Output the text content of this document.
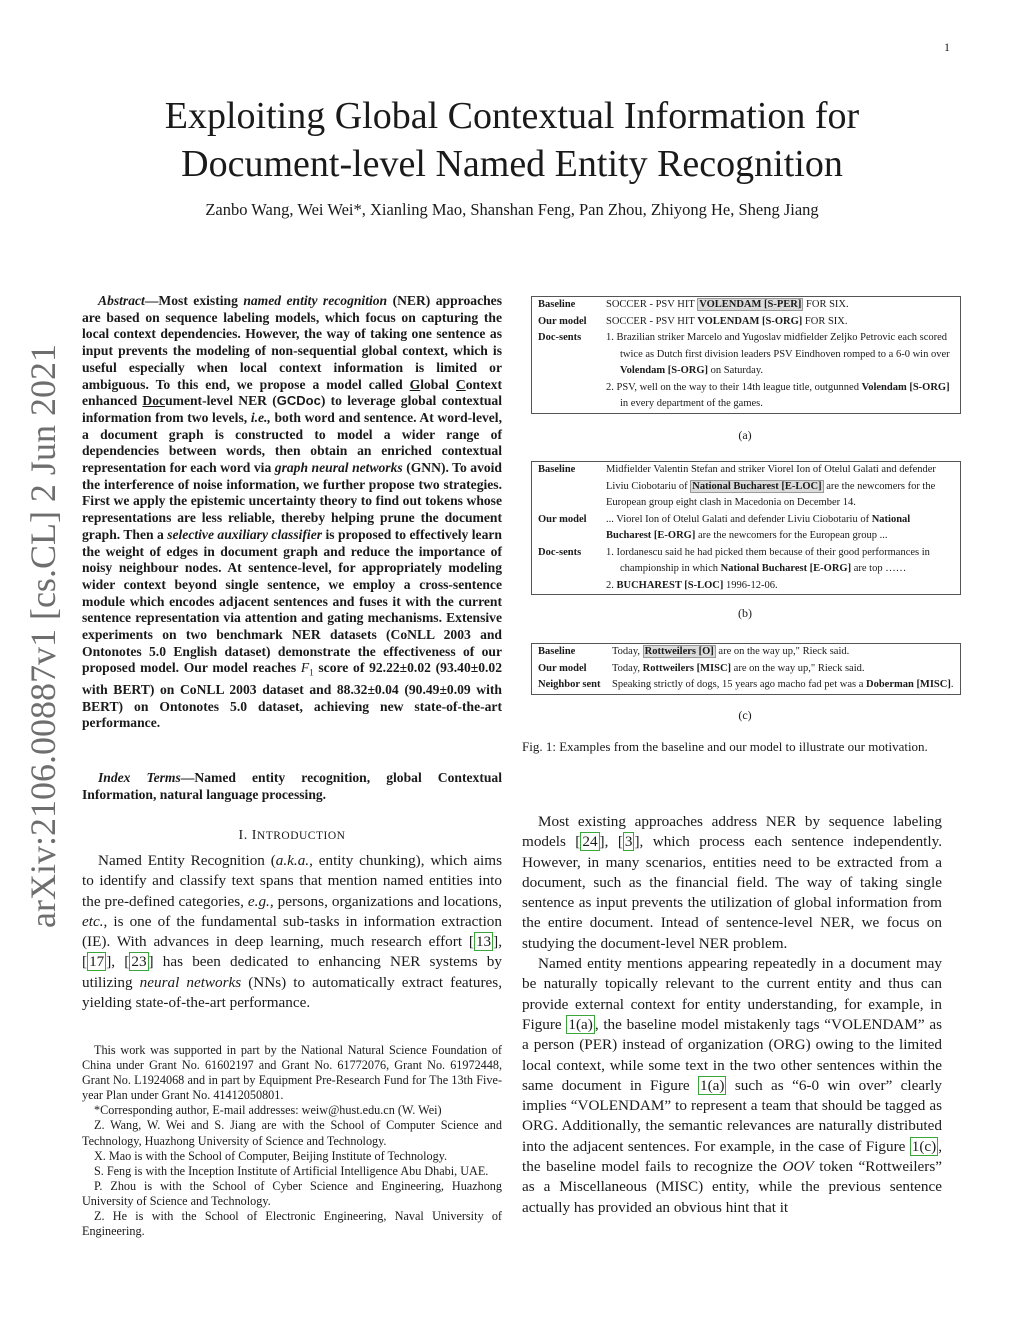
1
arXiv:2106.00887v1 [cs.CL] 2 Jun 2021
Exploiting Global Contextual Information for
Document-level Named Entity Recognition
Zanbo Wang, Wei Wei*, Xianling Mao, Shanshan Feng, Pan Zhou, Zhiyong He, Sheng Jiang
Abstract—Most existing named entity recognition (NER) approaches are based on sequence labeling models, which focus on capturing the local context dependencies. However, the way of taking one sentence as input prevents the modeling of non-sequential global context, which is useful especially when local context information is limited or ambiguous. To this end, we propose a model called Global Context enhanced Document-level NER (GCDoc) to leverage global contextual information from two levels, i.e., both word and sentence. At word-level, a document graph is constructed to model a wider range of dependencies between words, then obtain an enriched contextual representation for each word via graph neural networks (GNN). To avoid the interference of noise information, we further propose two strategies. First we apply the epistemic uncertainty theory to find out tokens whose representations are less reliable, thereby helping prune the document graph. Then a selective auxiliary classifier is proposed to effectively learn the weight of edges in document graph and reduce the importance of noisy neighbour nodes. At sentence-level, for appropriately modeling wider context beyond single sentence, we employ a cross-sentence module which encodes adjacent sentences and fuses it with the current sentence representation via attention and gating mechanisms. Extensive experiments on two benchmark NER datasets (CoNLL 2003 and Ontonotes 5.0 English dataset) demonstrate the effectiveness of our proposed model. Our model reaches $F_1$ score of 92.22±0.02 (93.40±0.02 with BERT) on CoNLL 2003 dataset and 88.32±0.04 (90.49±0.09 with BERT) on Ontonotes 5.0 dataset, achieving new state-of-the-art performance.
Index Terms—Named entity recognition, global Contextual Information, natural language processing.
I. INTRODUCTION

Named Entity Recognition (a.k.a., entity chunking), which aims to identify and classify text spans that mention named entities into the pre-defined categories, e.g., persons, organizations and locations, etc., is one of the fundamental sub-tasks in information extraction (IE). With advances in deep learning, much research effort [ 13 ], [ 17 ], [ 23 ] has been dedicated to enhancing NER systems by utilizing neural networks (NNs) to automatically extract features, yielding state-of-the-art performance.

This work was supported in part by the National Natural Science Foundation of China under Grant No. 61602197 and Grant No. 61772076, Grant No. 61972448, Grant No. L1924068 and in part by Equipment Pre-Research Fund for The 13th Five-year Plan under Grant No. 41412050801.

*Corresponding author, E-mail addresses: weiw@hust.edu.cn (W. Wei)

Z. Wang, W. Wei and S. Jiang are with the School of Computer Science and Technology, Huazhong University of Science and Technology.

X. Mao is with the School of Computer, Beijing Institute of Technology.

S. Feng is with the Inception Institute of Artificial Intelligence Abu Dhabi, UAE.

P. Zhou is with the School of Cyber Science and Engineering, Huazhong University of Science and Technology.

Z. He is with the School of Electronic Engineering, Naval University of Engineering.

Baseline	SOCCER - PSV HIT VOLENDAM [S-PER] FOR SIX.
Our model	SOCCER - PSV HIT VOLENDAM [S-ORG] FOR SIX.
Doc-sents	1. Brazilian striker Marcelo and Yugoslav midfielder Zeljko Petrovic each scored twice as Dutch first division leaders PSV Eindhoven romped to a 6-0 win over Volendam [S-ORG] on Saturday.
2. PSV, well on the way to their 14th league title, outgunned Volendam [S-ORG] in every department of the games.
(a)
Baseline	Midfielder Valentin Stefan and striker Viorel Ion of Otelul Galati and defender Liviu Ciobotariu of National Bucharest [E-LOC] are the newcomers for the European group eight clash in Macedonia on December 14.
Our model	... Viorel Ion of Otelul Galati and defender Liviu Ciobotariu of National Bucharest [E-ORG] are the newcomers for the European group ...
Doc-sents	1. Iordanescu said he had picked them because of their good performances in championship in which National Bucharest [E-ORG] are top ……
2. BUCHAREST [S-LOC] 1996-12-06.
(b)
Baseline	Today, Rottweilers [O] are on the way up," Rieck said.
Our model	Today, Rottweilers [MISC] are on the way up," Rieck said.
Neighbor sent	Speaking strictly of dogs, 15 years ago macho fad pet was a Doberman [MISC].
(c)
Fig. 1: Examples from the baseline and our model to illustrate our motivation.

Most existing approaches address NER by sequence labeling models [ 24 ], [ 3 ], which process each sentence independently. However, in many scenarios, entities need to be extracted from a document, such as the financial field. The way of taking single sentence as input prevents the utilization of global information from the entire document. Intead of sentence-level NER, we focus on studying the document-level NER problem.

Named entity mentions appearing repeatedly in a document may be naturally topically relevant to the current entity and thus can provide external context for entity understanding, for example, in Figure 1(a) , the baseline model mistakenly tags “VOLENDAM” as a person (PER) instead of organization (ORG) owing to the limited local context, while some text in the two other sentences within the same document in Figure 1(a) such as “6-0 win over” clearly implies “VOLENDAM” to represent a team that should be tagged as ORG. Additionally, the semantic relevances are naturally distributed into the adjacent sentences. For example, in the case of Figure 1(c) , the baseline model fails to recognize the OOV token “Rottweilers” as a Miscellaneous (MISC) entity, while the previous sentence actually has provided an obvious hint that it
